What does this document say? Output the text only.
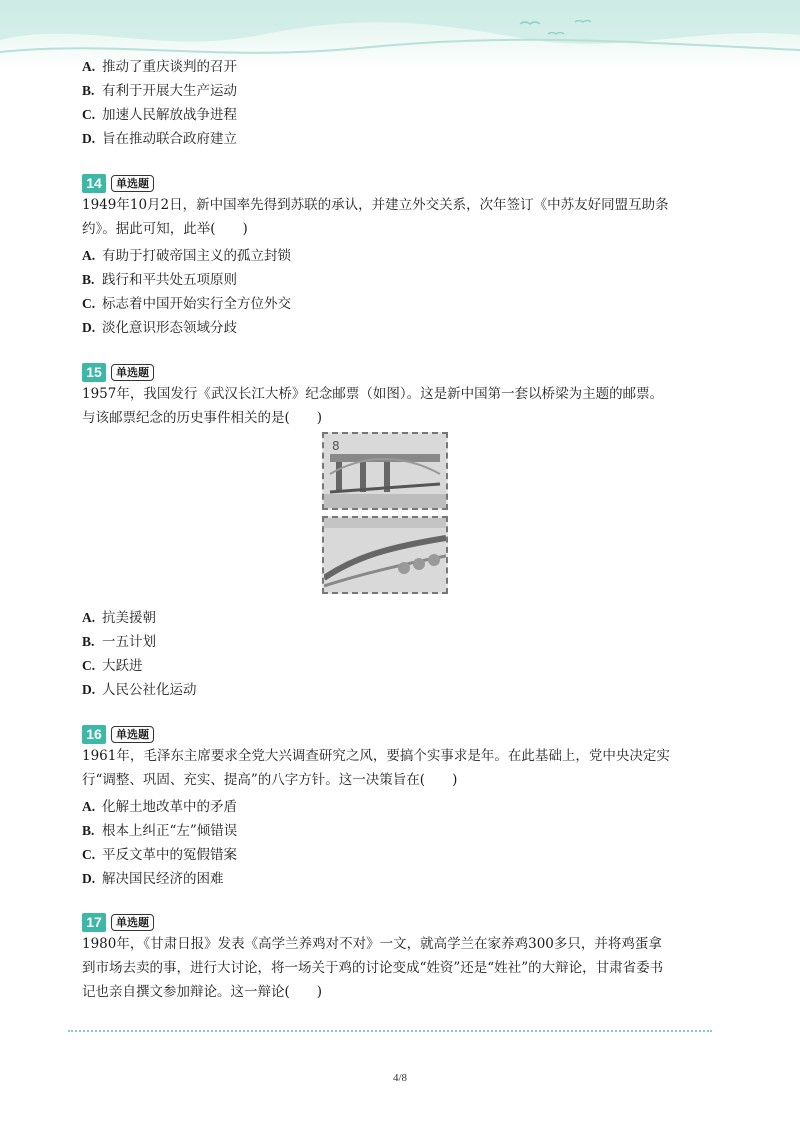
A. 推动了重庆谈判的召开
B. 有利于开展大生产运动
C. 加速人民解放战争进程
D. 旨在推动联合政府建立
14	单选题
1949年10月2日，新中国率先得到苏联的承认，并建立外交关系，次年签订《中苏友好同盟互助条
约》。据此可知，此举(　　)
A. 有助于打破帝国主义的孤立封锁
B. 践行和平共处五项原则
C. 标志着中国开始实行全方位外交
D. 淡化意识形态领域分歧
15	单选题
1957年，我国发行《武汉长江大桥》纪念邮票（如图）。这是新中国第一套以桥梁为主题的邮票。
与该邮票纪念的历史事件相关的是(　　)
8
A. 抗美援朝
B. 一五计划
C. 大跃进
D. 人民公社化运动
16	单选题
1961年，毛泽东主席要求全党大兴调查研究之风，要搞个实事求是年。在此基础上，党中央决定实
行“调整、巩固、充实、提高”的八字方针。这一决策旨在(　　)
A. 化解土地改革中的矛盾
B. 根本上纠正“左”倾错误
C. 平反文革中的冤假错案
D. 解决国民经济的困难
17	单选题
1980年，《甘肃日报》发表《高学兰养鸡对不对》一文，就高学兰在家养鸡300多只，并将鸡蛋拿
到市场去卖的事，进行大讨论，将一场关于鸡的讨论变成“姓资”还是“姓社”的大辩论，甘肃省委书
记也亲自撰文参加辩论。这一辩论(　　)
4/8
